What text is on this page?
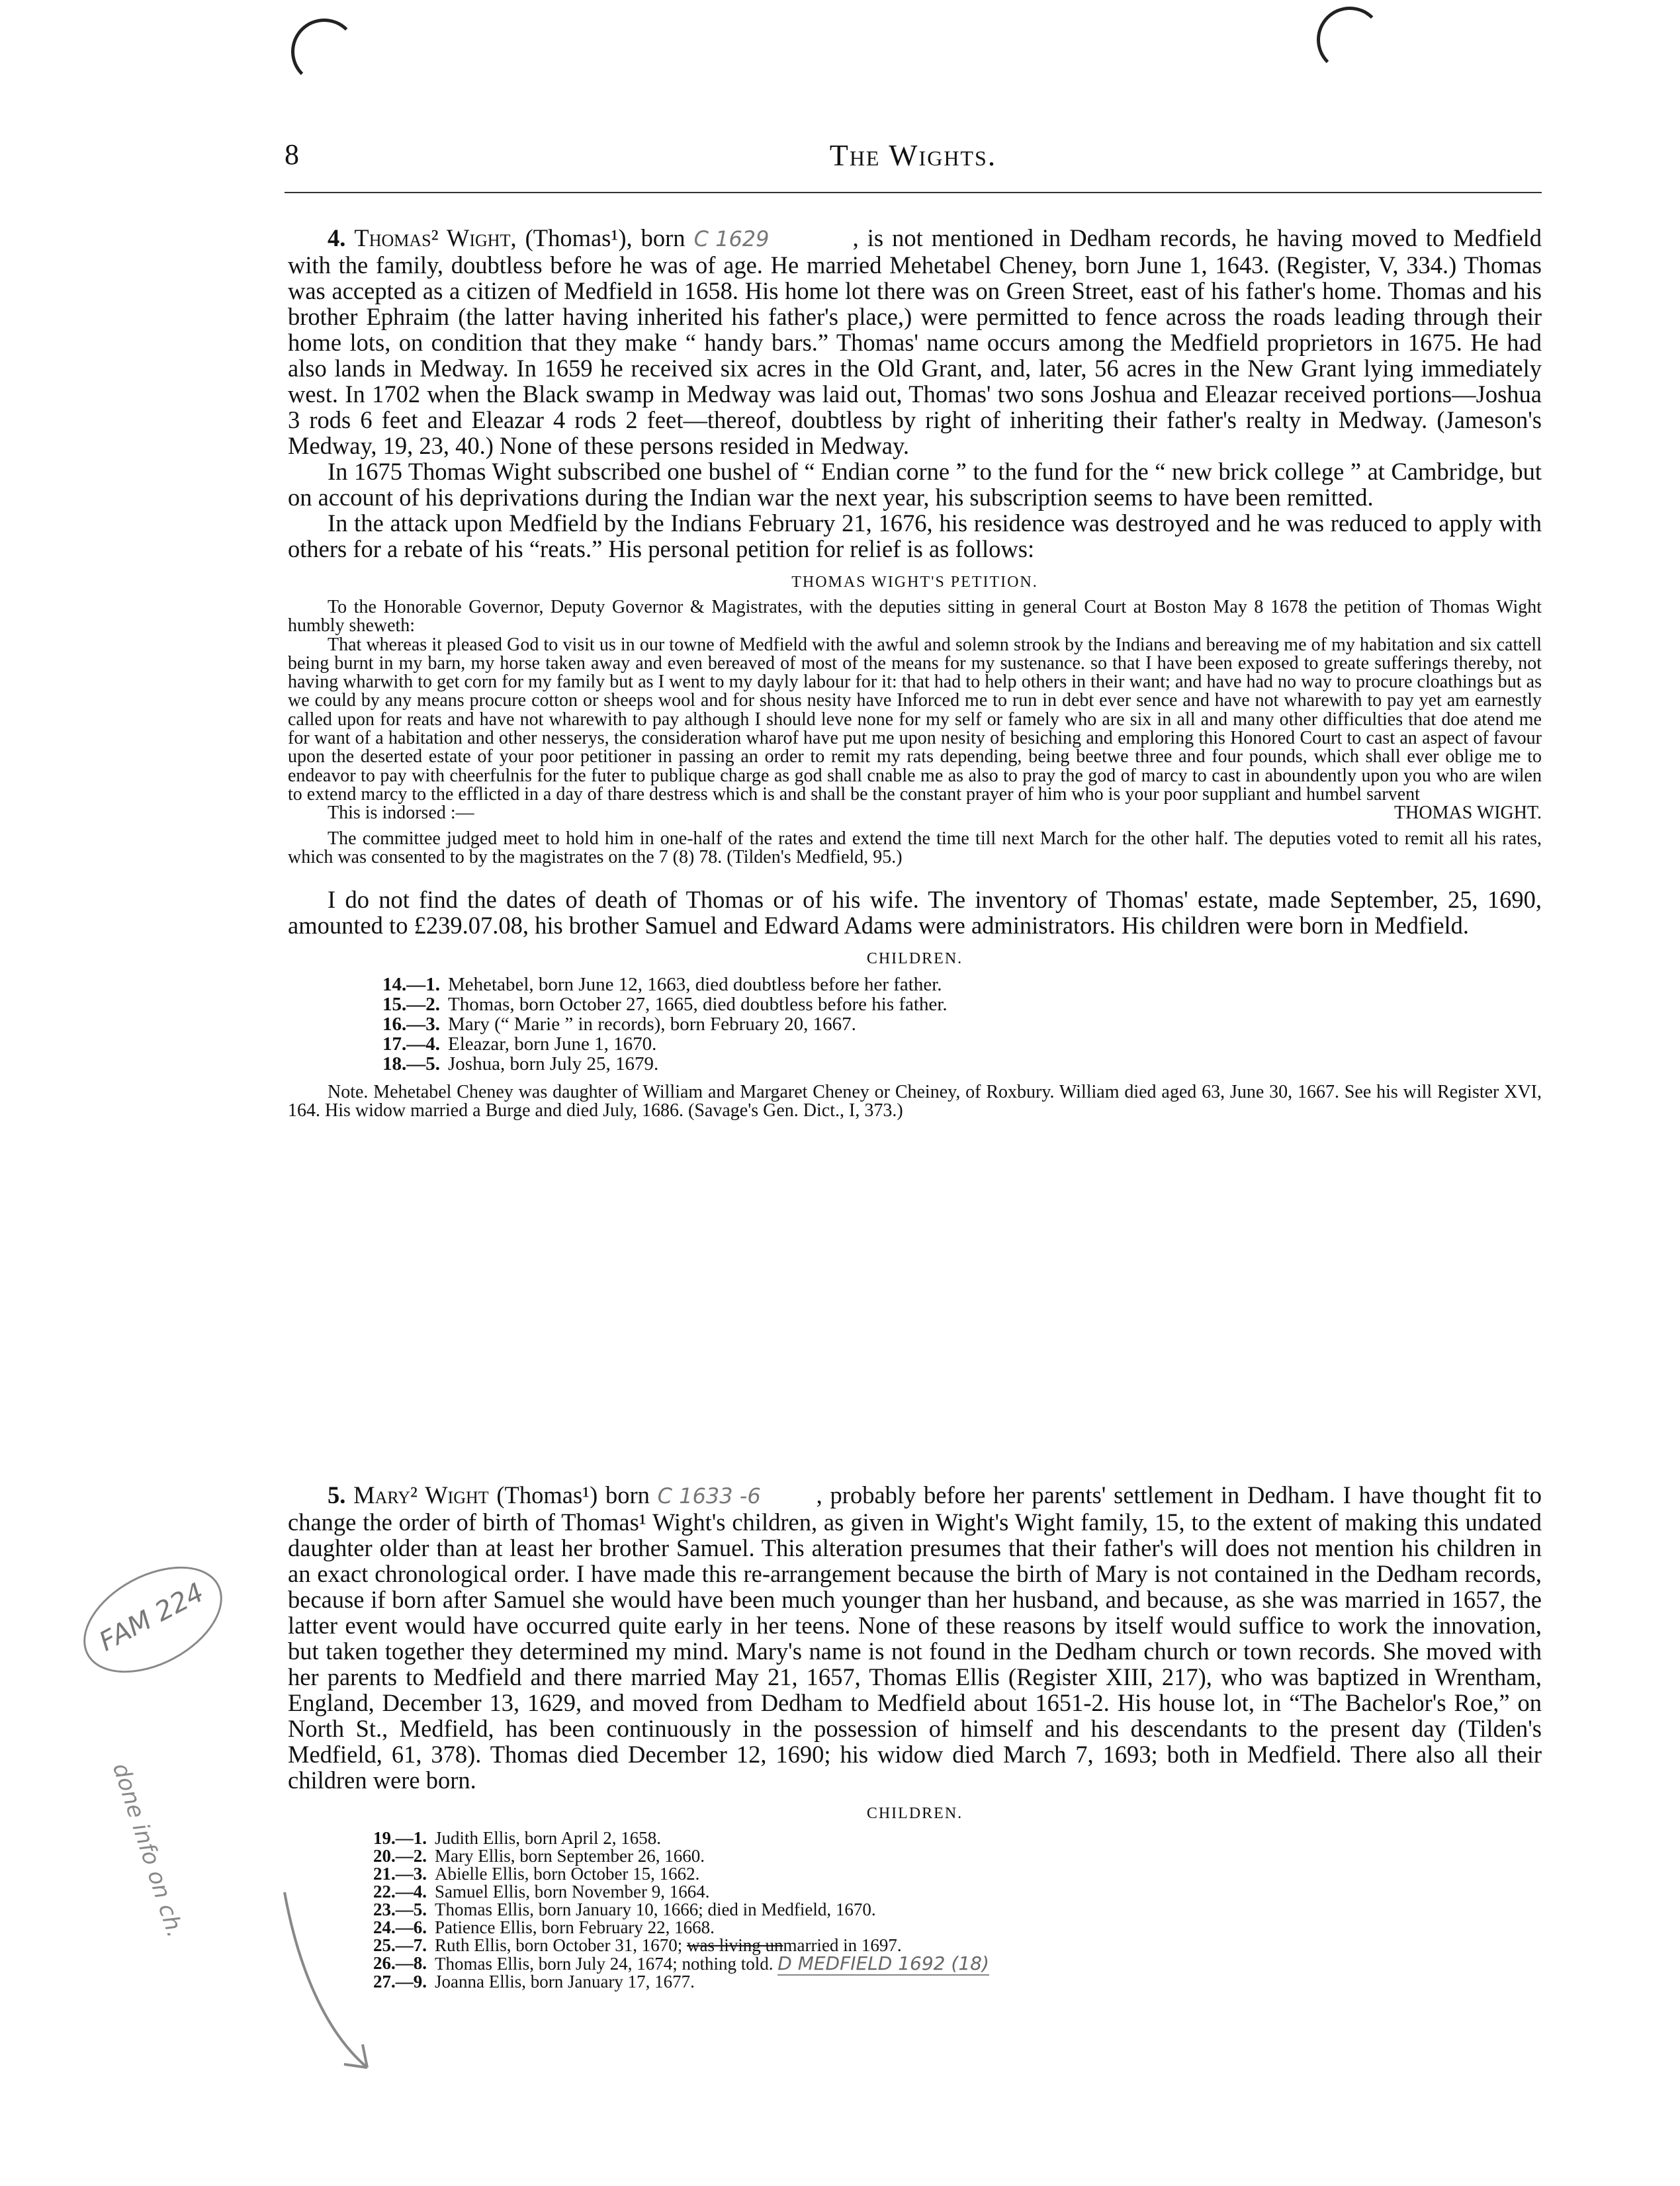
8	The Wights.

4. Thomas² Wight, (Thomas¹), born C 1629	, is not mentioned in Dedham records, he having moved to Medfield with the family, doubtless before he was of age. He married Mehetabel Cheney, born June 1, 1643. (Register, V, 334.) Thomas was accepted as a citizen of Medfield in 1658. His home lot there was on Green Street, east of his father's home. Thomas and his brother Ephraim (the latter having inherited his father's place,) were permitted to fence across the roads leading through their home lots, on condition that they make “ handy bars.” Thomas' name occurs among the Medfield proprietors in 1675. He had also lands in Medway. In 1659 he received six acres in the Old Grant, and, later, 56 acres in the New Grant lying immediately west. In 1702 when the Black swamp in Medway was laid out, Thomas' two sons Joshua and Eleazar received portions—Joshua 3 rods 6 feet and Eleazar 4 rods 2 feet—thereof, doubtless by right of inheriting their father's realty in Medway. (Jameson's Medway, 19, 23, 40.) None of these persons resided in Medway.

In 1675 Thomas Wight subscribed one bushel of “ Endian corne ” to the fund for the “ new brick college ” at Cambridge, but on account of his deprivations during the Indian war the next year, his subscription seems to have been remitted.

In the attack upon Medfield by the Indians February 21, 1676, his residence was destroyed and he was reduced to apply with others for a rebate of his “reats.” His personal petition for relief is as follows:

THOMAS WIGHT'S PETITION.

To the Honorable Governor, Deputy Governor & Magistrates, with the deputies sitting in general Court at Boston May 8 1678 the petition of Thomas Wight humbly sheweth:

That whereas it pleased God to visit us in our towne of Medfield with the awful and solemn strook by the Indians and bereaving me of my habitation and six cattell being burnt in my barn, my horse taken away and even bereaved of most of the means for my sustenance. so that I have been exposed to greate sufferings thereby, not having wharwith to get corn for my family but as I went to my dayly labour for it: that had to help others in their want; and have had no way to procure cloathings but as we could by any means procure cotton or sheeps wool and for shous nesity have Inforced me to run in debt ever sence and have not wharewith to pay yet am earnestly called upon for reats and have not wharewith to pay although I should leve none for my self or famely who are six in all and many other difficulties that doe atend me for want of a habitation and other nesserys, the consideration wharof have put me upon nesity of besiching and emploring this Honored Court to cast an aspect of favour upon the deserted estate of your poor petitioner in passing an order to remit my rats depending, being beetwe three and four pounds, which shall ever oblige me to endeavor to pay with cheerfulnis for the futer to publique charge as god shall cnable me as also to pray the god of marcy to cast in aboundently upon you who are wilen to extend marcy to the efflicted in a day of thare destress which is and shall be the constant prayer of him who is your poor suppliant and humbel sarvent
THOMAS WIGHT.

This is indorsed :—

The committee judged meet to hold him in one-half of the rates and extend the time till next March for the other half. The deputies voted to remit all his rates, which was consented to by the magistrates on the 7 (8) 78. (Tilden's Medfield, 95.)

I do not find the dates of death of Thomas or of his wife. The inventory of Thomas' estate, made September, 25, 1690, amounted to £239.07.08, his brother Samuel and Edward Adams were administrators. His children were born in Medfield.

CHILDREN.
14.—1. Mehetabel, born June 12, 1663, died doubtless before her father.
15.—2. Thomas, born October 27, 1665, died doubtless before his father.
16.—3. Mary (“ Marie ” in records), born February 20, 1667.
17.—4. Eleazar, born June 1, 1670.
18.—5. Joshua, born July 25, 1679.

Note. Mehetabel Cheney was daughter of William and Margaret Cheney or Cheiney, of Roxbury. William died aged 63, June 30, 1667. See his will Register XVI, 164. His widow married a Burge and died July, 1686. (Savage's Gen. Dict., I, 373.)

5. Mary² Wight (Thomas¹) born C 1633 -6 , probably before her parents' settlement in Dedham. I have thought fit to change the order of birth of Thomas¹ Wight's children, as given in Wight's Wight family, 15, to the extent of making this undated daughter older than at least her brother Samuel. This alteration presumes that their father's will does not mention his children in an exact chronological order. I have made this re-arrangement because the birth of Mary is not contained in the Dedham records, because if born after Samuel she would have been much younger than her husband, and because, as she was married in 1657, the latter event would have occurred quite early in her teens. None of these reasons by itself would suffice to work the innovation, but taken together they determined my mind. Mary's name is not found in the Dedham church or town records. She moved with her parents to Medfield and there married May 21, 1657, Thomas Ellis (Register XIII, 217), who was baptized in Wrentham, England, December 13, 1629, and moved from Dedham to Medfield about 1651-2. His house lot, in “The Bachelor's Roe,” on North St., Medfield, has been continuously in the possession of himself and his descendants to the present day (Tilden's Medfield, 61, 378). Thomas died December 12, 1690; his widow died March 7, 1693; both in Medfield. There also all their children were born.

CHILDREN.
19.—1. Judith Ellis, born April 2, 1658.
20.—2. Mary Ellis, born September 26, 1660.
21.—3. Abielle Ellis, born October 15, 1662.
22.—4. Samuel Ellis, born November 9, 1664.
23.—5. Thomas Ellis, born January 10, 1666; died in Medfield, 1670.
24.—6. Patience Ellis, born February 22, 1668.
25.—7. Ruth Ellis, born October 31, 1670; was living unmarried in 1697.
26.—8. Thomas Ellis, born July 24, 1674; nothing told. D MEDFIELD 1692 (18)
27.—9. Joanna Ellis, born January 17, 1677.
FAM 224
done info on ch.
